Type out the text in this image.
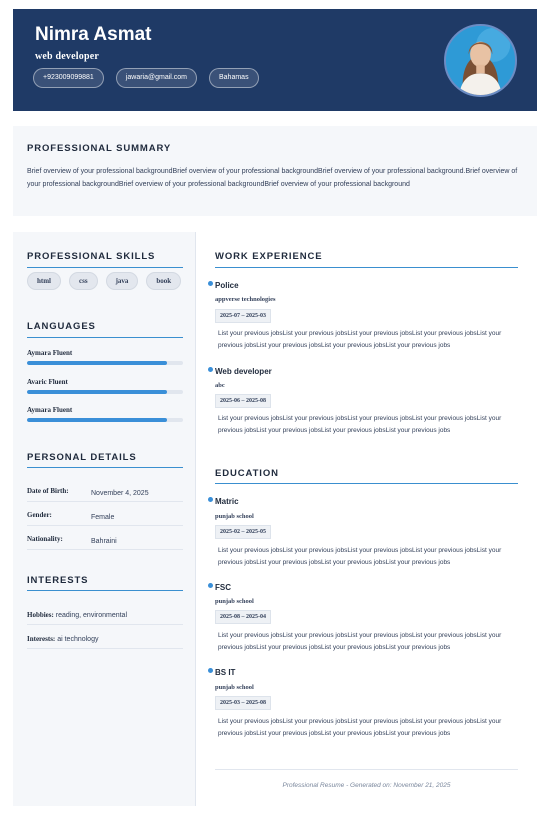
Nimra Asmat
web developer
+923009099881	jawaria@gmail.com	Bahamas
PROFESSIONAL SUMMARY
Brief overview of your professional backgroundBrief overview of your professional backgroundBrief overview of your professional background.Brief overview of your professional backgroundBrief overview of your professional backgroundBrief overview of your professional background
PROFESSIONAL SKILLS
html	css	java	book
LANGUAGES
Aymara Fluent
Avaric Fluent
Aymara Fluent
PERSONAL DETAILS
Date of Birth:	November 4, 2025
Gender:	Female
Nationality:	Bahraini
INTERESTS
Hobbies: reading, environmental
Interests: ai technology
WORK EXPERIENCE
Police
appverse technologies
2025-07 – 2025-03
List your previous jobsList your previous jobsList your previous jobsList your previous jobsList your previous jobsList your previous jobsList your previous jobsList your previous jobs
Web developer
abc
2025-06 – 2025-08
List your previous jobsList your previous jobsList your previous jobsList your previous jobsList your previous jobsList your previous jobsList your previous jobsList your previous jobs
EDUCATION
Matric
punjab school
2025-02 – 2025-05
List your previous jobsList your previous jobsList your previous jobsList your previous jobsList your previous jobsList your previous jobsList your previous jobsList your previous jobs
FSC
punjab school
2025-08 – 2025-04
List your previous jobsList your previous jobsList your previous jobsList your previous jobsList your previous jobsList your previous jobsList your previous jobsList your previous jobs
BS IT
punjab school
2025-03 – 2025-08
List your previous jobsList your previous jobsList your previous jobsList your previous jobsList your previous jobsList your previous jobsList your previous jobsList your previous jobs
Professional Resume - Generated on: November 21, 2025
